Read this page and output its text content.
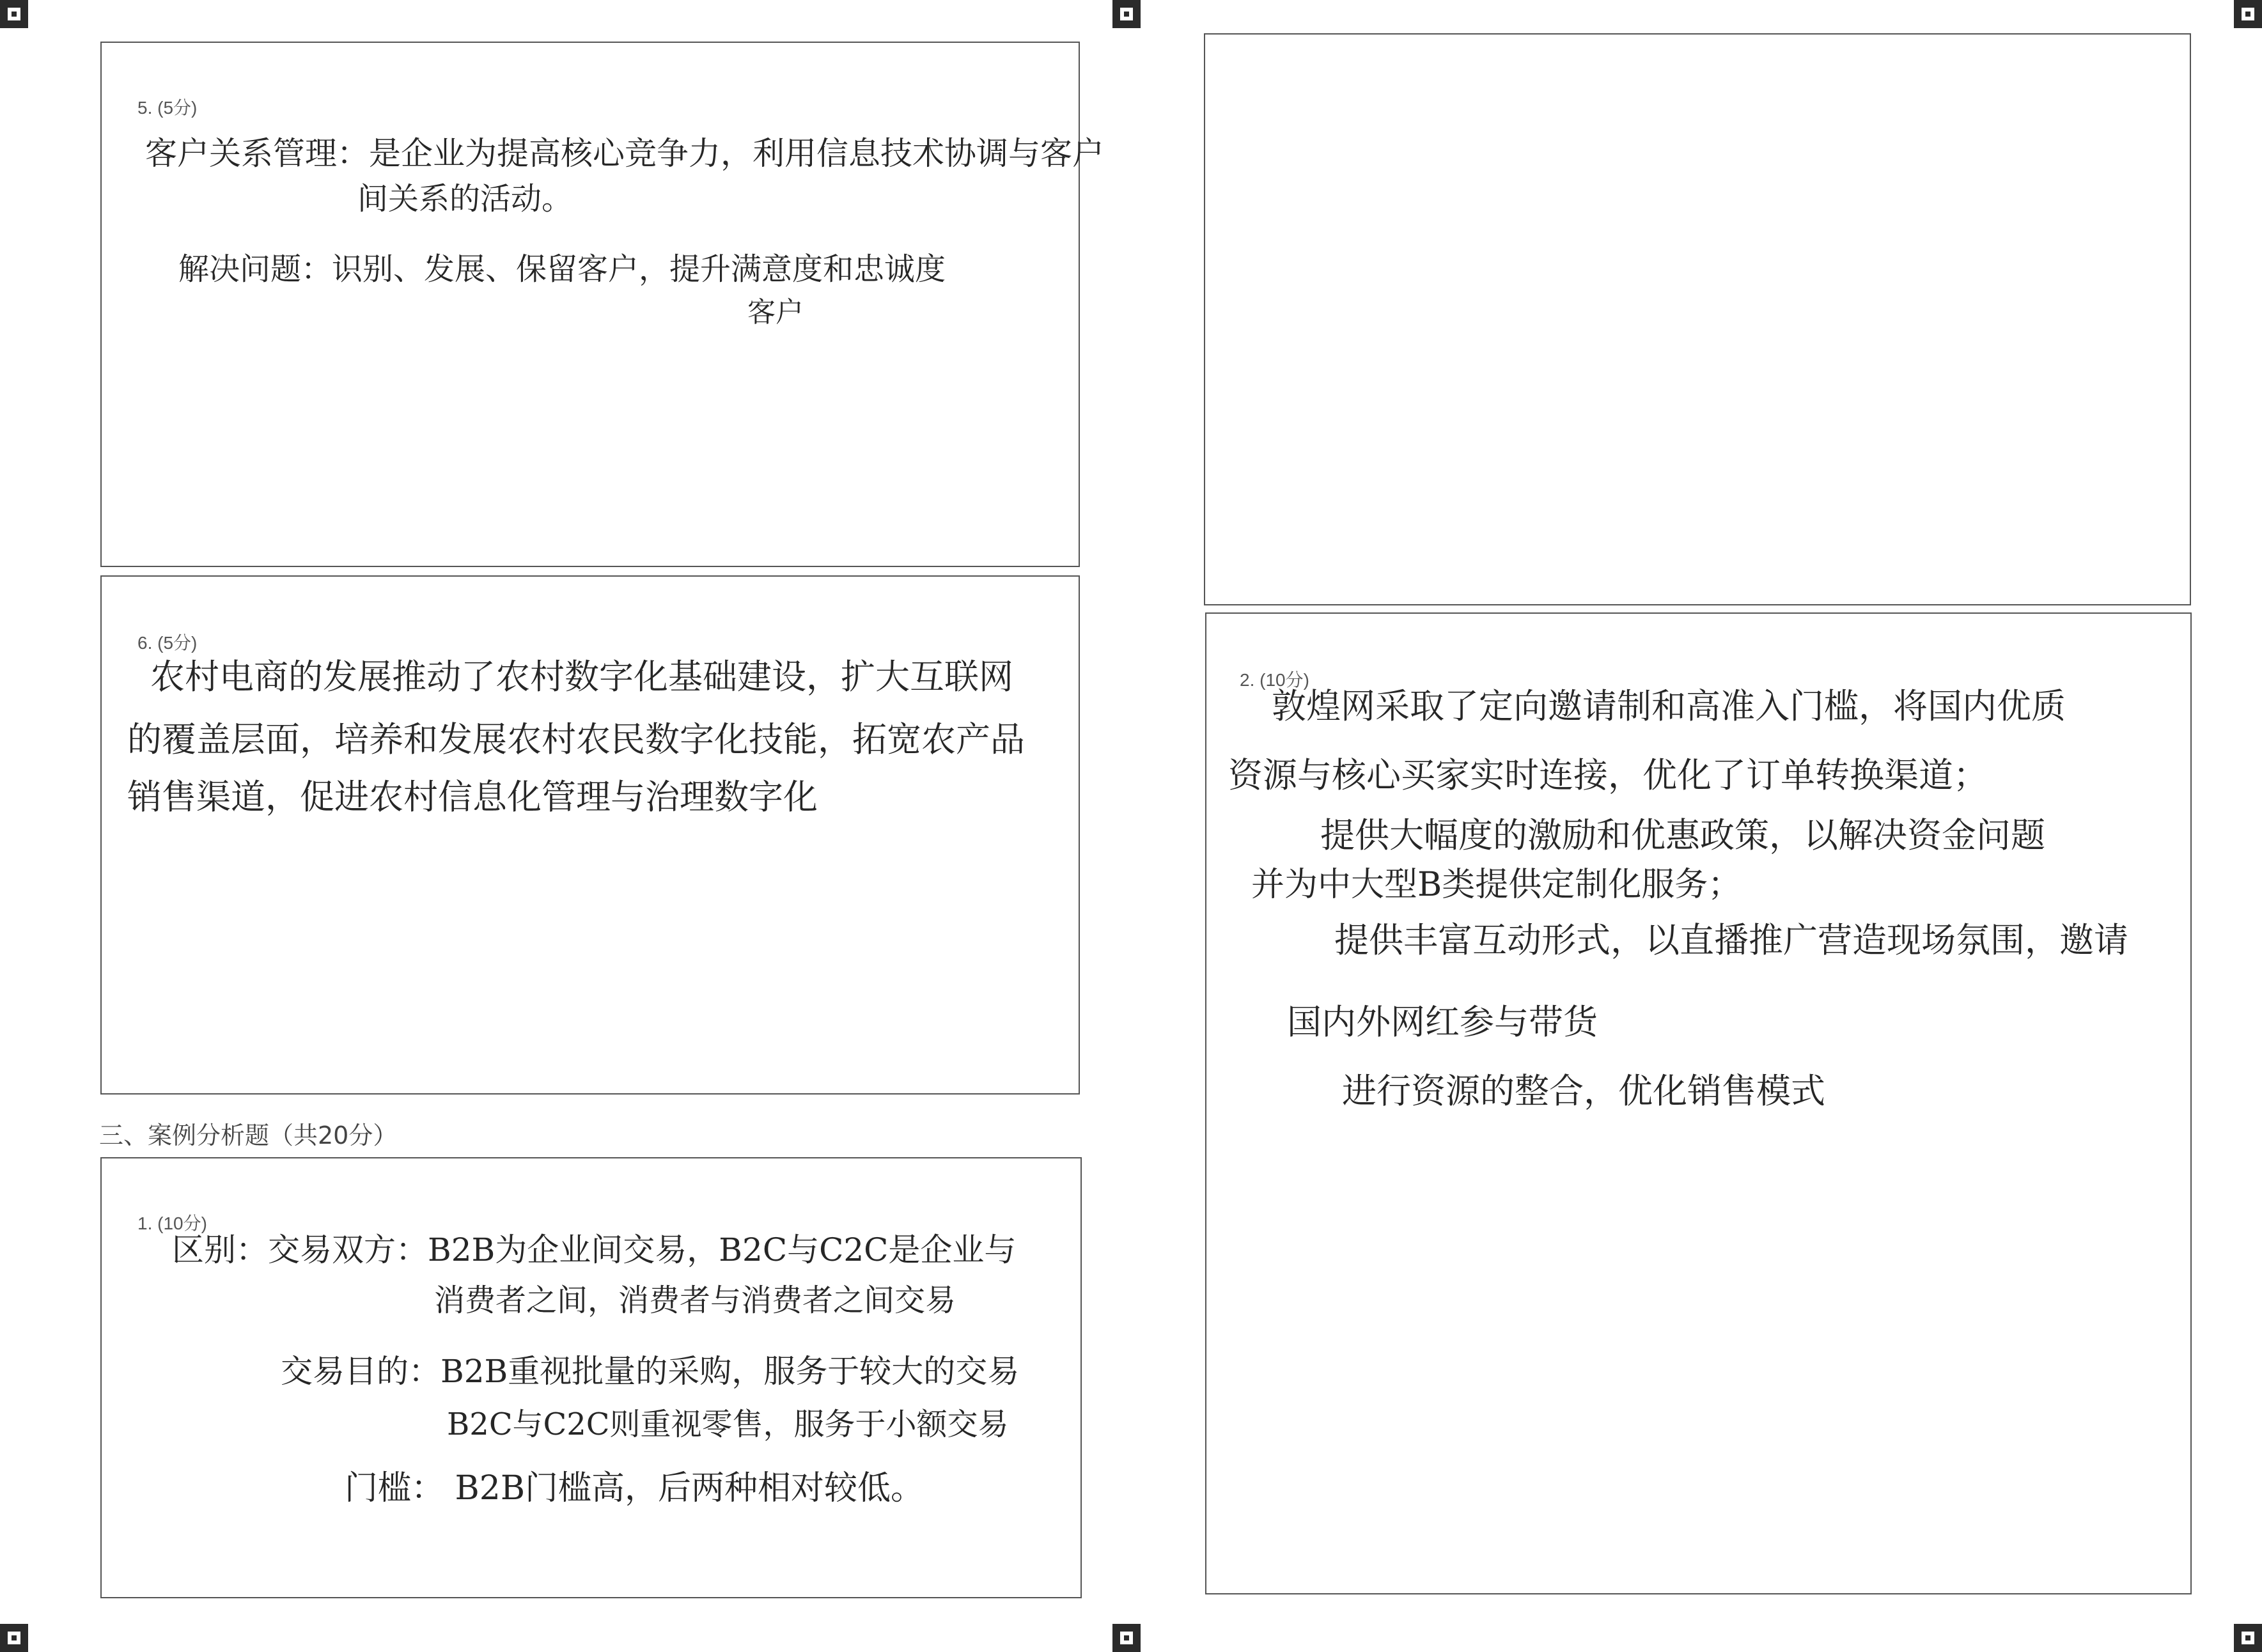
5. (5分)
客户关系管理：是企业为提高核心竞争力，利用信息技术协调与客户
间关系的活动。
解决问题：识别、发展、保留客户，提升满意度和忠诚度
客户
6. (5分)
农村电商的发展推动了农村数字化基础建设，扩大互联网
的覆盖层面，培养和发展农村农民数字化技能，拓宽农产品
销售渠道，促进农村信息化管理与治理数字化
三、案例分析题（共20分）
1. (10分)
区别：交易双方：B2B为企业间交易，B2C与C2C是企业与
消费者之间，消费者与消费者之间交易
交易目的：B2B重视批量的采购，服务于较大的交易
B2C与C2C则重视零售，服务于小额交易
门槛： B2B门槛高，后两种相对较低。
2. (10分)
敦煌网采取了定向邀请制和高准入门槛，将国内优质
资源与核心买家实时连接，优化了订单转换渠道；
提供大幅度的激励和优惠政策，以解决资金问题
并为中大型B类提供定制化服务；
提供丰富互动形式，以直播推广营造现场氛围，邀请
国内外网红参与带货
进行资源的整合，优化销售模式
